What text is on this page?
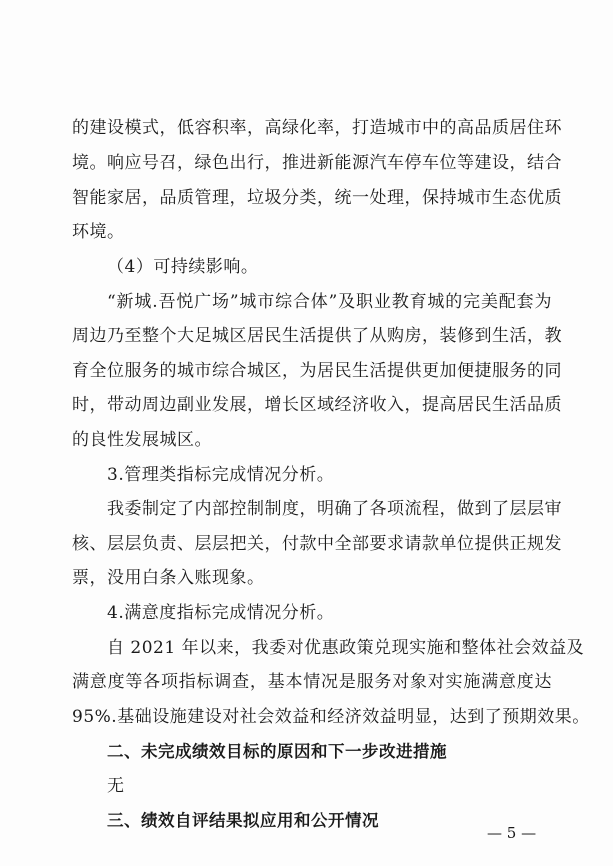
的建设模式，低容积率，高绿化率，打造城市中的高品质居住环
境。响应号召，绿色出行，推进新能源汽车停车位等建设，结合
智能家居，品质管理，垃圾分类，统一处理，保持城市生态优质
环境。
（4）可持续影响。
“新城.吾悦广场”城市综合体”及职业教育城的完美配套为
周边乃至整个大足城区居民生活提供了从购房，装修到生活，教
育全位服务的城市综合城区，为居民生活提供更加便捷服务的同
时，带动周边副业发展，增长区域经济收入，提高居民生活品质
的良性发展城区。
3.管理类指标完成情况分析。
我委制定了内部控制制度，明确了各项流程，做到了层层审
核、层层负责、层层把关，付款中全部要求请款单位提供正规发
票，没用白条入账现象。
4.满意度指标完成情况分析。
自 2021 年以来，我委对优惠政策兑现实施和整体社会效益及
满意度等各项指标调查，基本情况是服务对象对实施满意度达
95%.基础设施建设对社会效益和经济效益明显，达到了预期效果。
二、未完成绩效目标的原因和下一步改进措施
无
三、绩效自评结果拟应用和公开情况
— 5 —
